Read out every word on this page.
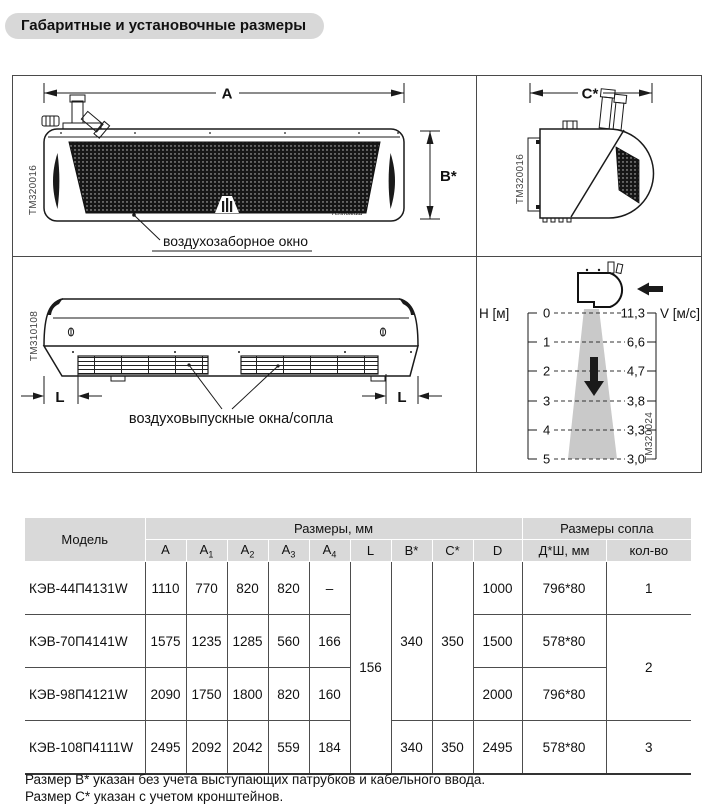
Габаритные и установочные размеры
A
Тепломаш
B*
TM320016
воздухозаборное окно
C*
TM320016
L	L
воздуховыпускные окна/сопла
TM310108	H [м]	0
1
2
3
4
5
V [м/с]
11,3
6,6
4,7
3,8
3,3
3,0 TM320024
Модель	Размеры, мм									Размеры сопла	
	A	$A_1$	$A_2$	$A_3$	$A_4$	L	B*	C*	D	Д*Ш, мм	кол-во
КЭВ-44П4131W	1110	770	820	820	–	156	340	350	1000	796*80	1
КЭВ-70П4141W	1575	1235	1285	560	166				1500	578*80	2
КЭВ-98П4121W	2090	1750	1800	820	160				2000	796*80	
КЭВ-108П4111W	2495	2092	2042	559	184		340	350	2495	578*80	3
Размер B* указан без учета выступающих патрубков и кабельного ввода.
Размер C* указан с учетом кронштейнов.
